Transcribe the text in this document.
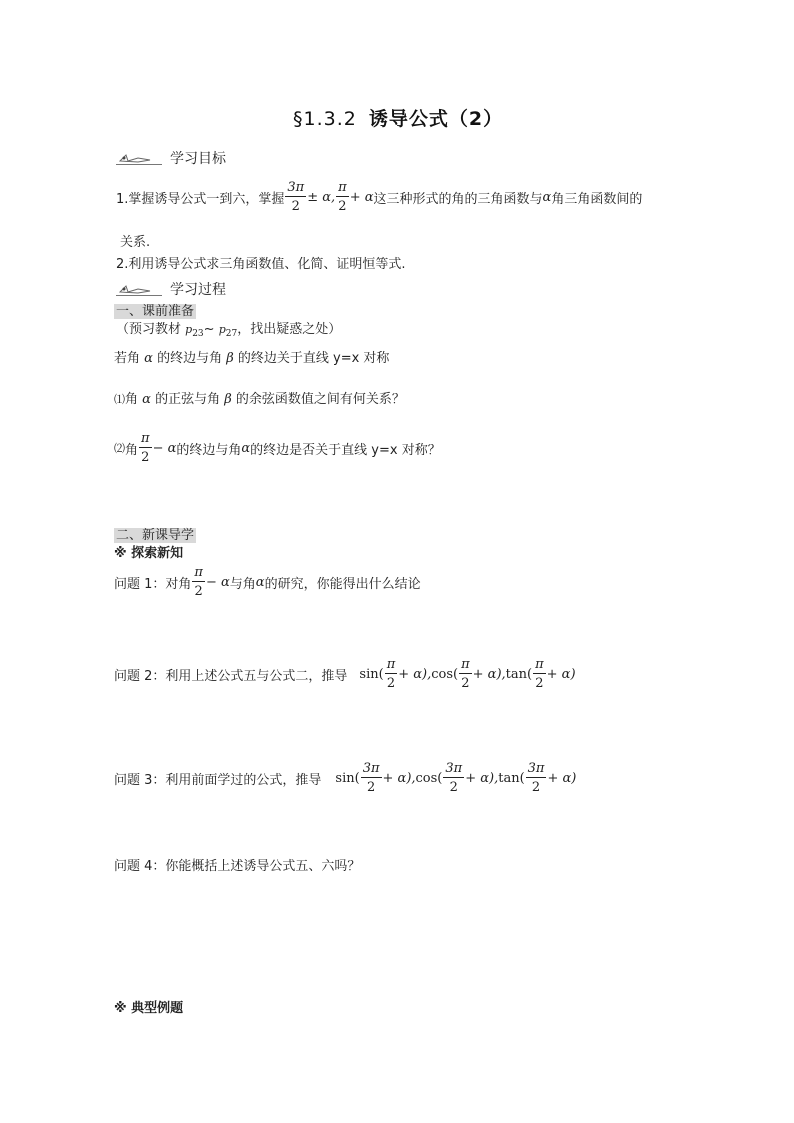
§1.3.2 诱导公式（2）
学习目标
1.掌握诱导公式一到六，掌握 $\frac{3\pi}{2} \pm \alpha$, $\frac{\pi}{2} + \alpha$ 这三种形式的角的三角函数与 α 角三角函数间的
关系.
2.利用诱导公式求三角函数值、化简、证明恒等式.
学习过程
一、课前准备
（预习教材 $p_{23}\sim$ $p_{27}$，找出疑惑之处）
若角 α 的终边与角 β 的终边关于直线 y=x 对称
⑴角 α 的正弦与角 β 的余弦函数值之间有何关系？
⑵ 角 $\frac{\pi}{2} - \alpha$ 的终边与角 α 的终边是否关于直线 y=x 对称？
二、新课导学
※ 探索新知
问题 1：对角 $\frac{\pi}{2} - \alpha$ 与角 α 的研究，你能得出什么结论
问题 2：利用上述公式五与公式二，推导 $\sin( \frac{\pi}{2} + \alpha)$, $\cos( \frac{\pi}{2} + \alpha)$, $\tan( \frac{\pi}{2} + \alpha)$
问题 3：利用前面学过的公式，推导 $\sin( \frac{3\pi}{2} + \alpha)$, $\cos( \frac{3\pi}{2} + \alpha)$, $\tan( \frac{3\pi}{2} + \alpha)$
问题 4：你能概括上述诱导公式五、六吗？
※ 典型例题
